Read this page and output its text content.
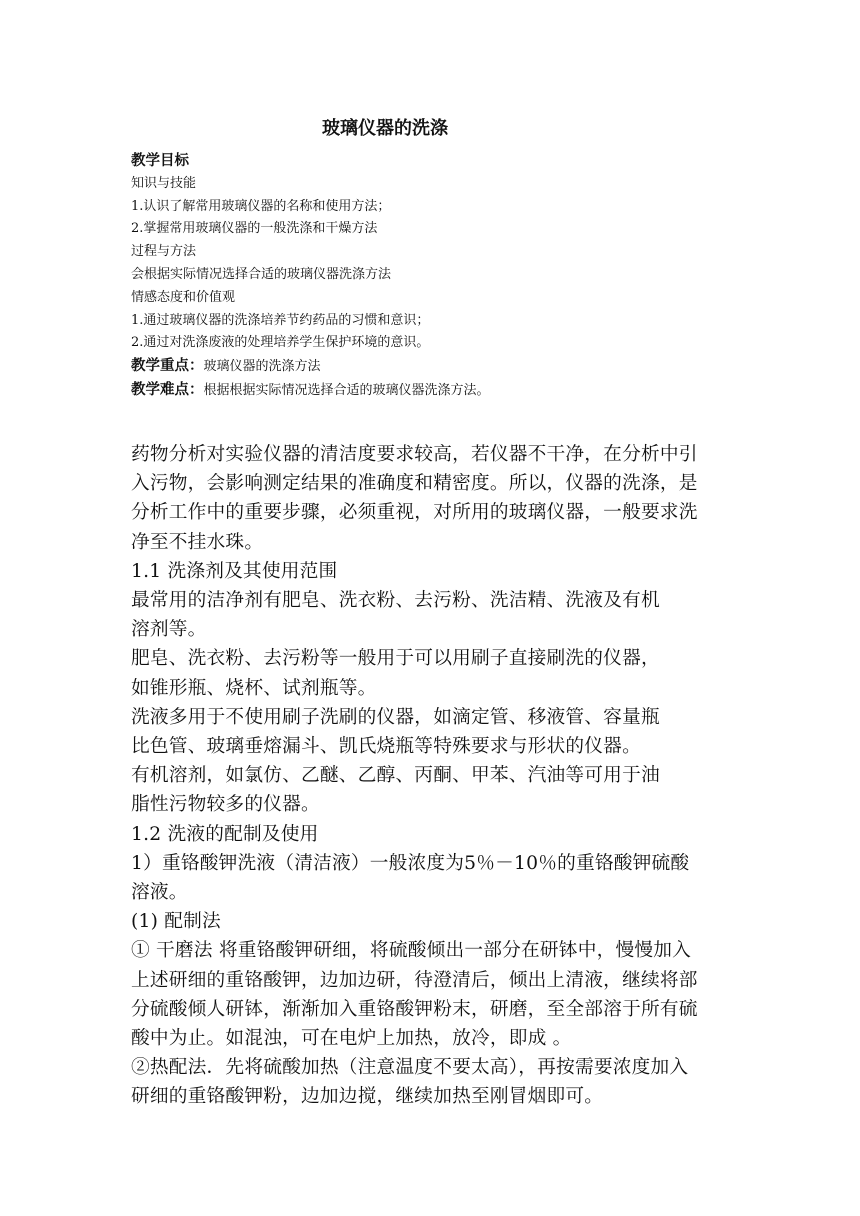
玻璃仪器的洗涤
教学目标
知识与技能
1.认识了解常用玻璃仪器的名称和使用方法；
2.掌握常用玻璃仪器的一般洗涤和干燥方法
过程与方法
会根据实际情况选择合适的玻璃仪器洗涤方法
情感态度和价值观
1.通过玻璃仪器的洗涤培养节约药品的习惯和意识；
2.通过对洗涤废液的处理培养学生保护环境的意识。
教学重点：玻璃仪器的洗涤方法
教学难点：根据根据实际情况选择合适的玻璃仪器洗涤方法。
药物分析对实验仪器的清洁度要求较高，若仪器不干净，在分析中引
入污物，会影响测定结果的准确度和精密度。所以，仪器的洗涤，是
分析工作中的重要步骤，必须重视，对所用的玻璃仪器，一般要求洗
净至不挂水珠。
1.1 洗涤剂及其使用范围
最常用的洁净剂有肥皂、洗衣粉、去污粉、洗洁精、洗液及有机
溶剂等。
肥皂、洗衣粉、去污粉等一般用于可以用刷子直接刷洗的仪器，
如锥形瓶、烧杯、试剂瓶等。
洗液多用于不使用刷子洗刷的仪器，如滴定管、移液管、容量瓶
比色管、玻璃垂熔漏斗、凯氏烧瓶等特殊要求与形状的仪器。
有机溶剂，如氯仿、乙醚、乙醇、丙酮、甲苯、汽油等可用于油
脂性污物较多的仪器。
1.2 洗液的配制及使用
1）重铬酸钾洗液（清洁液）一般浓度为5％－10％的重铬酸钾硫酸
溶液。
(1) 配制法
① 干磨法 将重铬酸钾研细，将硫酸倾出一部分在研钵中，慢慢加入
上述研细的重铬酸钾，边加边研，待澄清后，倾出上清液，继续将部
分硫酸倾人研钵，渐渐加入重铬酸钾粉末，研磨，至全部溶于所有硫
酸中为止。如混浊，可在电炉上加热，放冷，即成 。
②热配法．先将硫酸加热（注意温度不要太高），再按需要浓度加入
研细的重铬酸钾粉，边加边搅，继续加热至刚冒烟即可。
